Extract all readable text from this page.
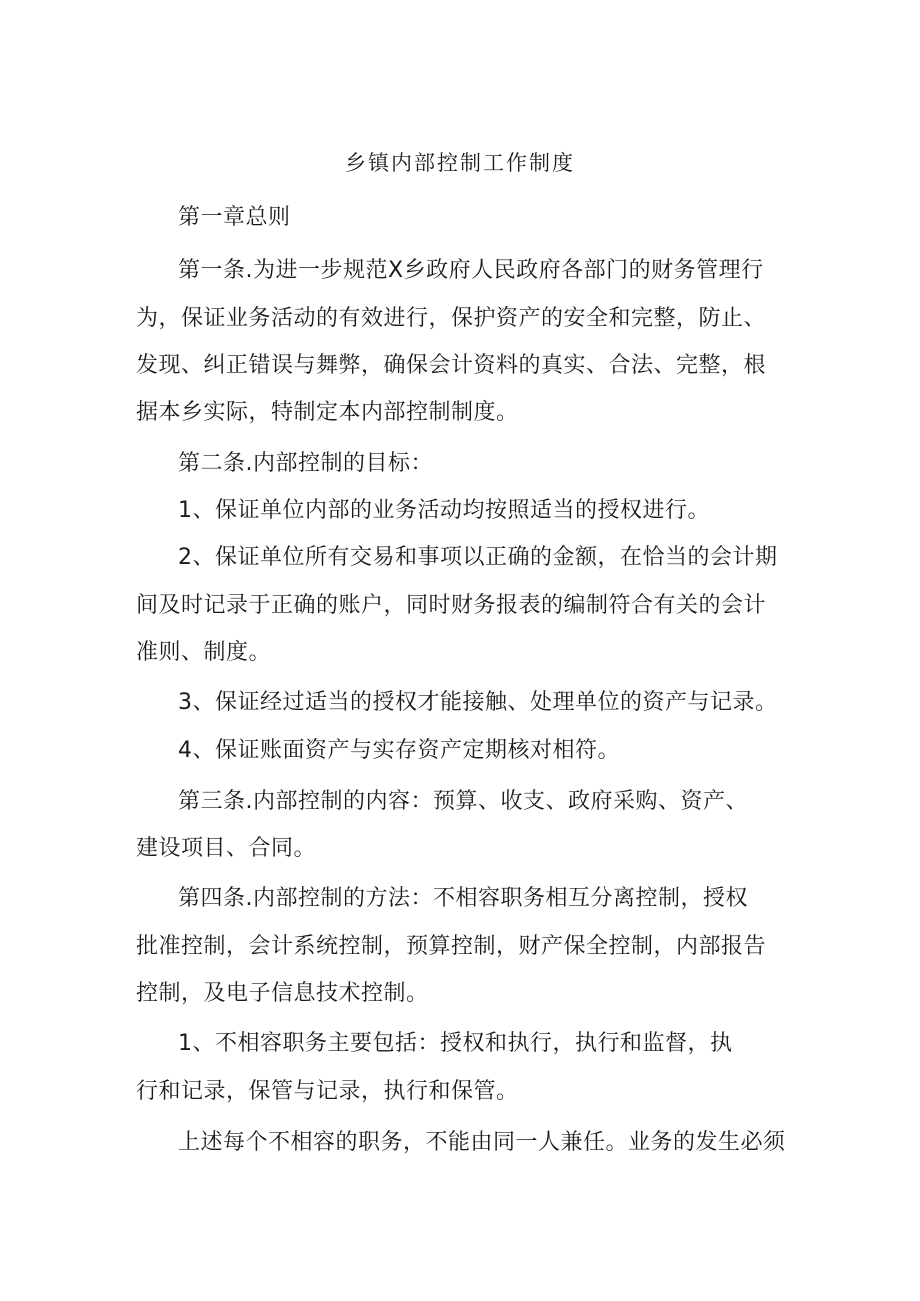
乡镇内部控制工作制度

第一章总则

第一条.为进一步规范X乡政府人民政府各部门的财务管理行

为，保证业务活动的有效进行，保护资产的安全和完整，防止、

发现、纠正错误与舞弊，确保会计资料的真实、合法、完整，根

据本乡实际，特制定本内部控制制度。

第二条.内部控制的目标：

1、保证单位内部的业务活动均按照适当的授权进行。

2、保证单位所有交易和事项以正确的金额，在恰当的会计期

间及时记录于正确的账户，同时财务报表的编制符合有关的会计

准则、制度。

3、保证经过适当的授权才能接触、处理单位的资产与记录。

4、保证账面资产与实存资产定期核对相符。

第三条.内部控制的内容：预算、收支、政府采购、资产、

建设项目、合同。

第四条.内部控制的方法：不相容职务相互分离控制，授权

批准控制，会计系统控制，预算控制，财产保全控制，内部报告

控制，及电子信息技术控制。

1、不相容职务主要包括：授权和执行，执行和监督，执

行和记录，保管与记录，执行和保管。

上述每个不相容的职务，不能由同一人兼任。业务的发生必须
